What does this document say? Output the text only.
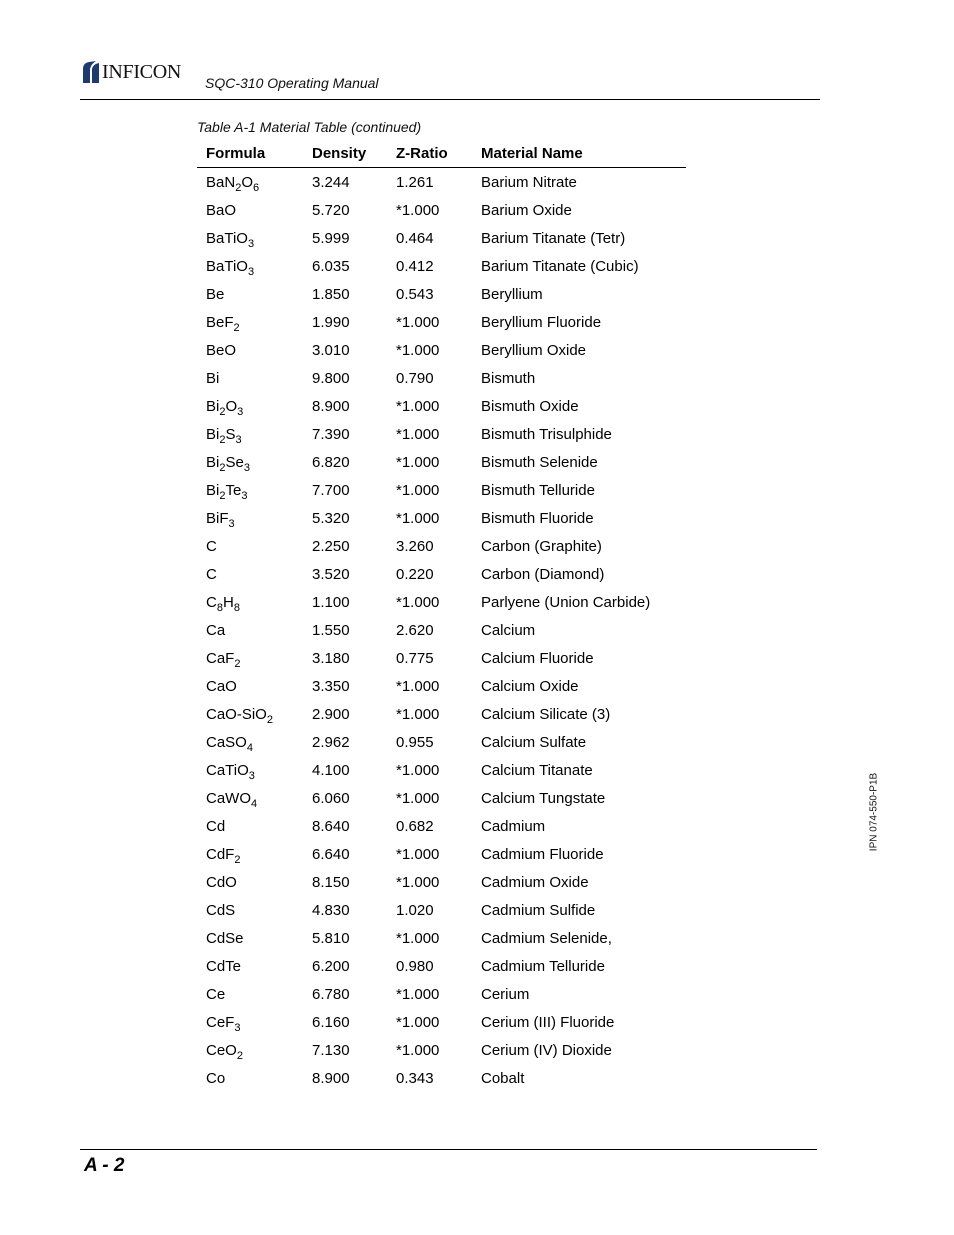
INFICON SQC-310 Operating Manual
Table A-1 Material Table (continued)
Formula	Density	Z-Ratio	Material Name
$BaN_2O_6$	3.244	1.261	Barium Nitrate
BaO	5.720	*1.000	Barium Oxide
BaTiO$_3$	5.999	0.464	Barium Titanate (Tetr)
BaTiO$_3$	6.035	0.412	Barium Titanate (Cubic)
Be	1.850	0.543	Beryllium
BeF$_2$	1.990	*1.000	Beryllium Fluoride
BeO	3.010	*1.000	Beryllium Oxide
Bi	9.800	0.790	Bismuth
$Bi_2O_3$	8.900	*1.000	Bismuth Oxide
$Bi_2S_3$	7.390	*1.000	Bismuth Trisulphide
$Bi_2Se_3$	6.820	*1.000	Bismuth Selenide
$Bi_2Te_3$	7.700	*1.000	Bismuth Telluride
BiF$_3$	5.320	*1.000	Bismuth Fluoride
C	2.250	3.260	Carbon (Graphite)
C	3.520	0.220	Carbon (Diamond)
$C_8H_8$	1.100	*1.000	Parlyene (Union Carbide)
Ca	1.550	2.620	Calcium
CaF$_2$	3.180	0.775	Calcium Fluoride
CaO	3.350	*1.000	Calcium Oxide
CaO-SiO$_2$	2.900	*1.000	Calcium Silicate (3)
CaSO$_4$	2.962	0.955	Calcium Sulfate
CaTiO$_3$	4.100	*1.000	Calcium Titanate
CaWO$_4$	6.060	*1.000	Calcium Tungstate
Cd	8.640	0.682	Cadmium
CdF$_2$	6.640	*1.000	Cadmium Fluoride
CdO	8.150	*1.000	Cadmium Oxide
CdS	4.830	1.020	Cadmium Sulfide
CdSe	5.810	*1.000	Cadmium Selenide,
CdTe	6.200	0.980	Cadmium Telluride
Ce	6.780	*1.000	Cerium
CeF$_3$	6.160	*1.000	Cerium (III) Fluoride
CeO$_2$	7.130	*1.000	Cerium (IV) Dioxide
Co	8.900	0.343	Cobalt
IPN 074-550-P1B
A - 2
